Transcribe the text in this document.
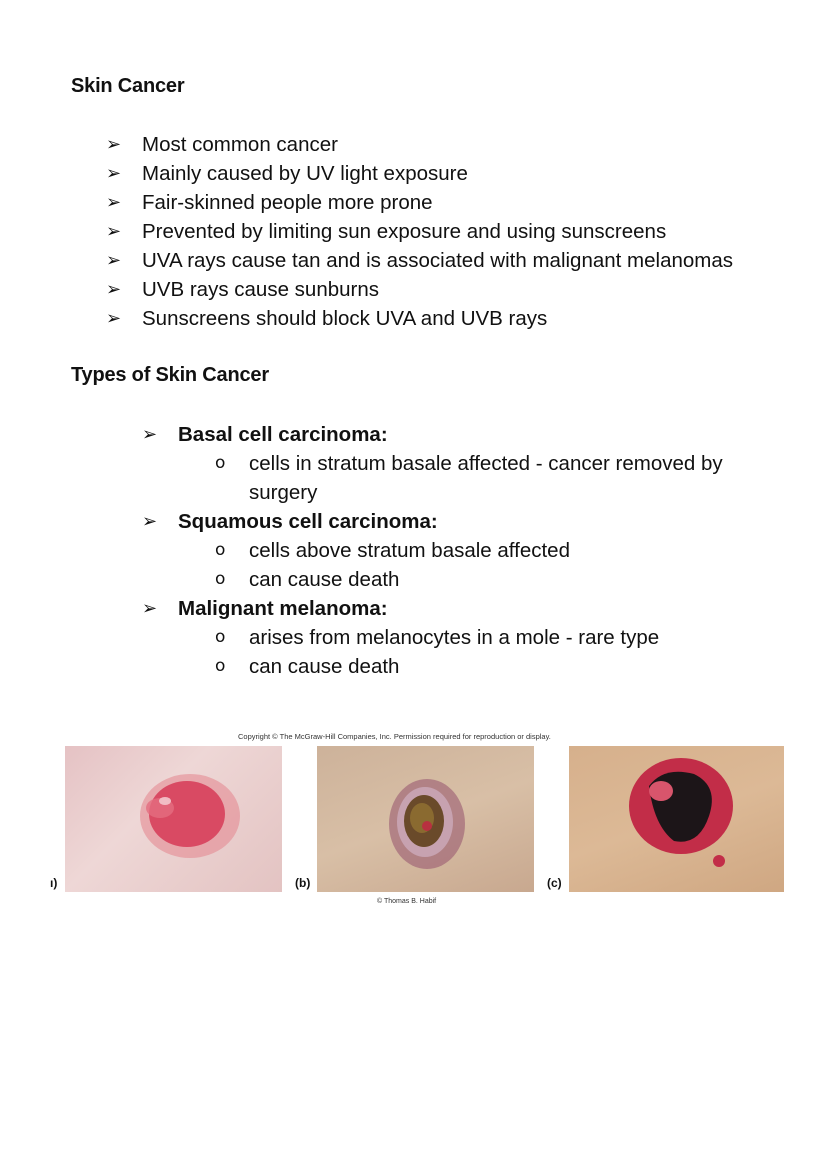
Skin Cancer
➢ Most common cancer
➢ Mainly caused by UV light exposure
➢ Fair-skinned people more prone
➢ Prevented by limiting sun exposure and using sunscreens
➢ UVA rays cause tan and is associated with malignant melanomas
➢ UVB rays cause sunburns
➢ Sunscreens should block UVA and UVB rays
Types of Skin Cancer
➢ Basal cell carcinoma:
o cells in stratum basale affected - cancer removed by surgery
➢ Squamous cell carcinoma:
o cells above stratum basale affected
o can cause death
➢ Malignant melanoma:
o arises from melanocytes in a mole - rare type
o can cause death
Copyright © The McGraw-Hill Companies, Inc. Permission required for reproduction or display.
ı)	(b)	(c)
© Thomas B. Habif
